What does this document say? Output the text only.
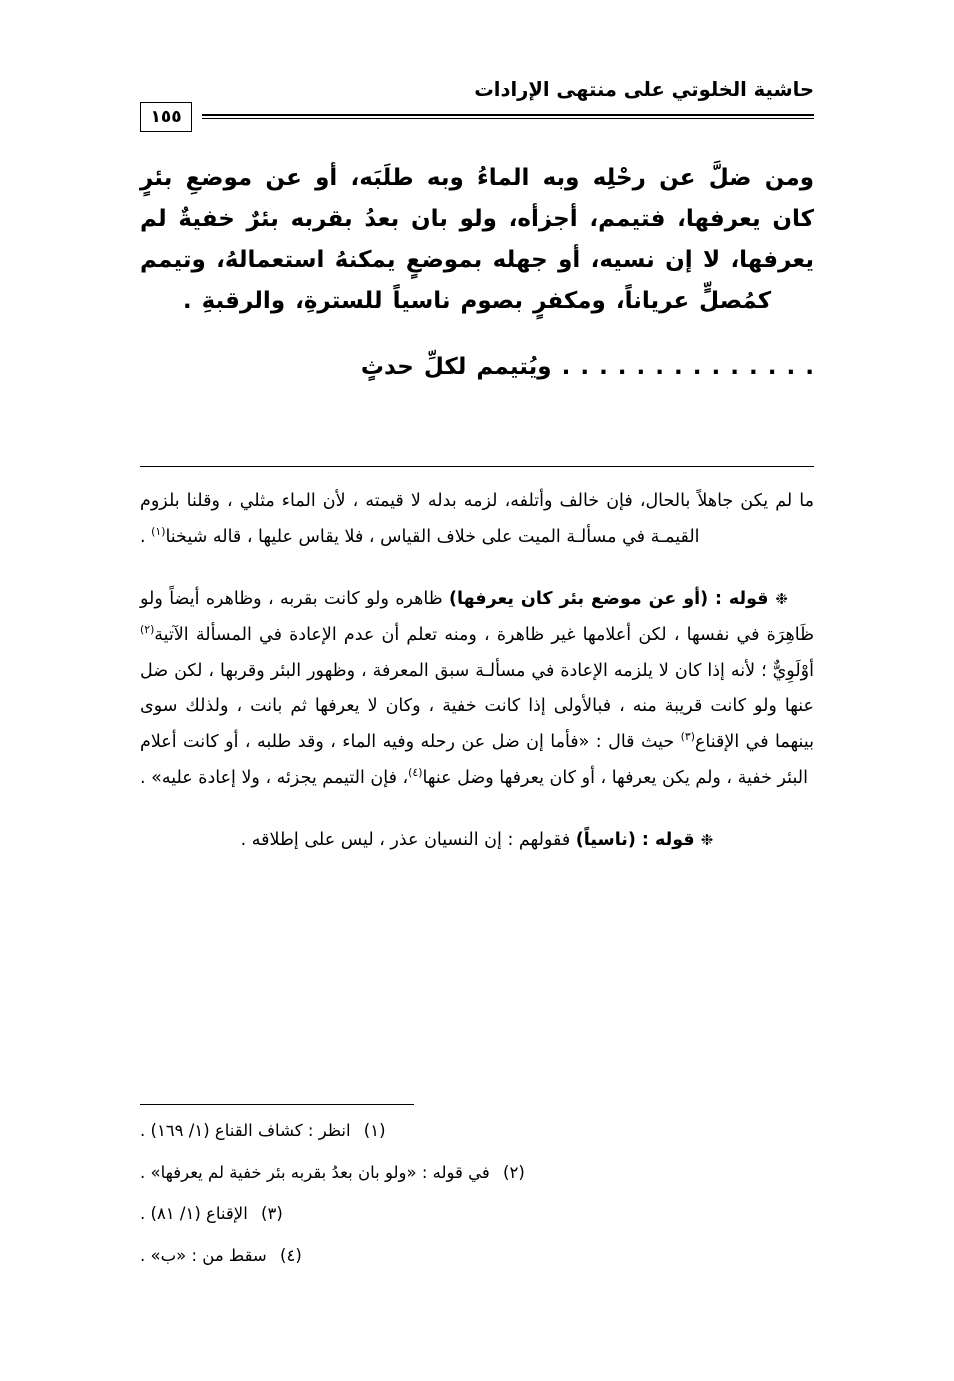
حاشية الخلوتي على منتهى الإرادات
١٥٥

ومن ضلَّ عن رحْلِه وبه الماءُ وبه طلَبَه، أو عن موضعِ بئرٍ كان يعرفها، فتيمم، أجزأه، ولو بان بعدُ بقربه بئرٌ خفيةٌ لم يعرفها، لا إن نسيه، أو جهله بموضعٍ يمكنهُ استعمالهُ، وتيمم كمُصلٍّ عرياناً، ومكفرٍ بصوم ناسياً للسترةِ، والرقبةِ .

. . . . . . . . . . . . . . ويُتيمم لكلِّ حدثٍ

ما لم يكن جاهلاً بالحال، فإن خالف وأتلفه، لزمه بدله لا قيمته ، لأن الماء مثلي ، وقلنا بلزوم القيمـة في مسألـة الميت على خلاف القياس ، فلا يقاس عليها ، قاله شيخنا$^{(١)}$ .

❉ قوله : (أو عن موضع بئر كان يعرفها) ظاهره ولو كانت بقربه ، وظاهره أيضاً ولو ظَاهِرَة في نفسها ، لكن أعلامها غير ظاهرة ، ومنه تعلم أن عدم الإعادة في المسألة الآتية$^{(٢)}$ أوْلَوِيٌّ ؛ لأنه إذا كان لا يلزمه الإعادة في مسألـة سبق المعرفة ، وظهور البئر وقربها ، لكن ضل عنها ولو كانت قريبة منه ، فبالأولى إذا كانت خفية ، وكان لا يعرفها ثم بانت ، ولذلك سوى بينهما في الإقناع$^{(٣)}$ حيث قال : «فأما إن ضل عن رحله وفيه الماء ، وقد طلبه ، أو كانت أعلام البئر خفية ، ولم يكن يعرفها ، أو كان يعرفها وضل عنها$^{(٤)}$، فإن التيمم يجزئه ، ولا إعادة عليه» .

❉ قوله : (ناسياً) فقولهم : إن النسيان عذر ، ليس على إطلاقه .

(١) انظر : كشاف القناع (١/ ١٦٩) .

(٢) في قوله : «ولو بان بعدُ بقربه بئر خفية لم يعرفها» .

(٣) الإقناع (١/ ٨١) .

(٤) سقط من : «ب» .
